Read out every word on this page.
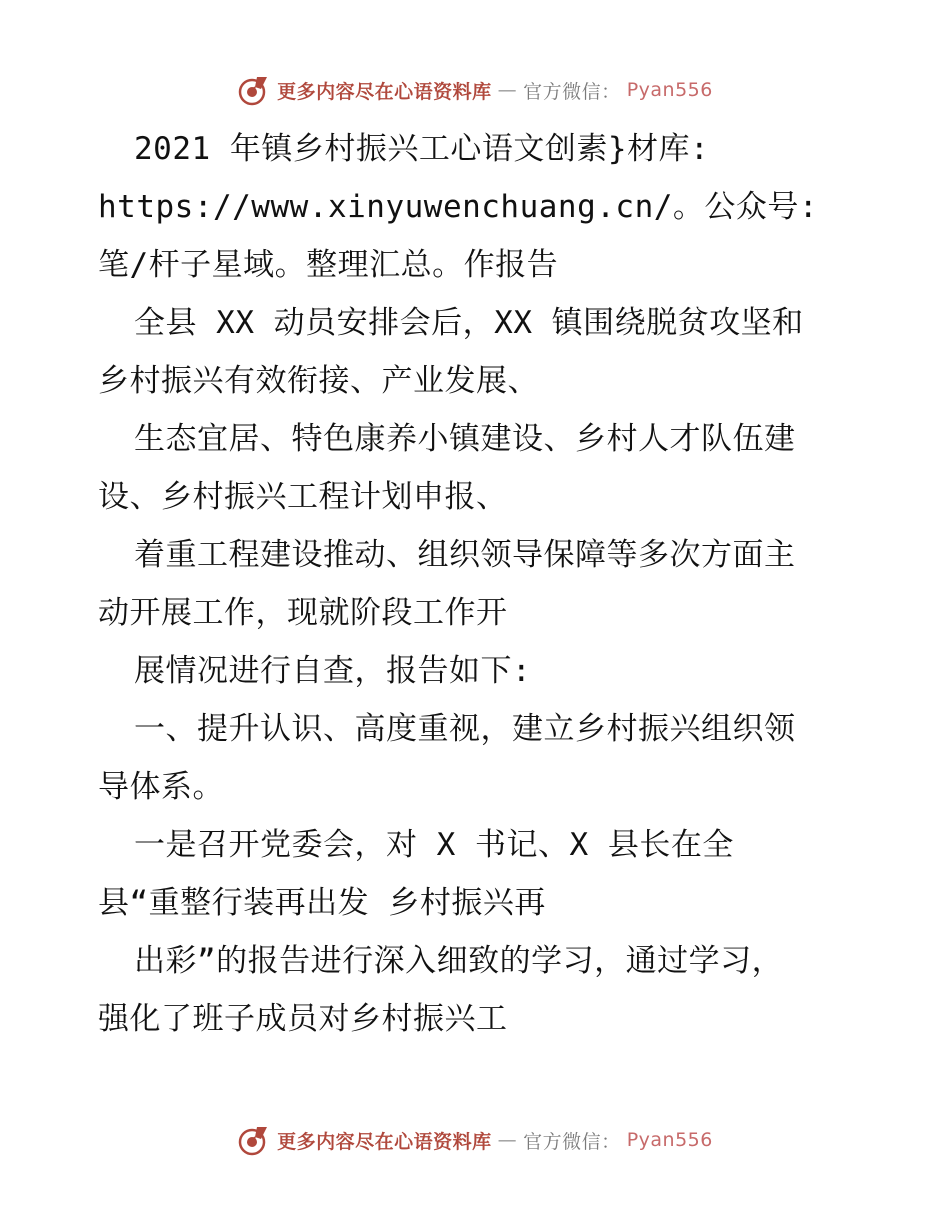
更多内容尽在心语资料库 — 官方微信： Pyan556
2021 年镇乡村振兴工心语文创素}材库:
https://www.xinyuwenchuang.cn/。公众号:
笔/杆子星域。整理汇总。作报告
全县 XX 动员安排会后，XX 镇围绕脱贫攻坚和
乡村振兴有效衔接、产业发展、
生态宜居、特色康养小镇建设、乡村人才队伍建
设、乡村振兴工程计划申报、
着重工程建设推动、组织领导保障等多次方面主
动开展工作，现就阶段工作开
展情况进行自查，报告如下:
一、提升认识、高度重视，建立乡村振兴组织领
导体系。
一是召开党委会，对 X 书记、X 县长在全
县“重整行装再出发 乡村振兴再
出彩”的报告进行深入细致的学习，通过学习，
强化了班子成员对乡村振兴工
更多内容尽在心语资料库 — 官方微信： Pyan556
